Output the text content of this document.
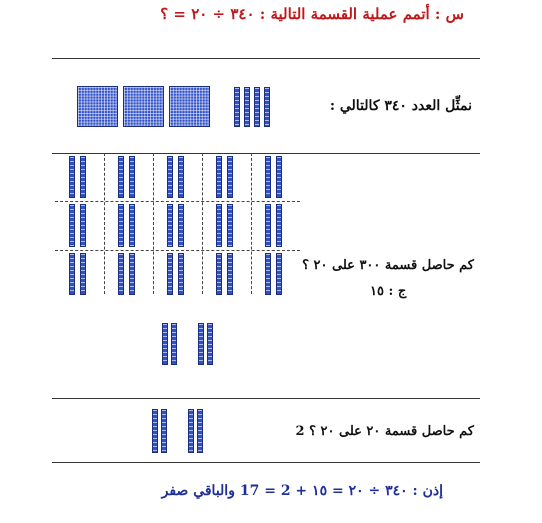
س : أتمم عملية القسمة التالية : ٣٤٠ ÷ ٢٠ = ؟
نمثِّل العدد ٣٤٠ كالتالي :
كم حاصل قسمة ٣٠٠ على ٢٠ ؟
ج : ١٥
كم حاصل قسمة ٢٠ على ٢٠ ؟ 2
إذن : ٣٤٠ ÷ ٢٠ = ١٥ + 2 = 17 والباقي صفر
